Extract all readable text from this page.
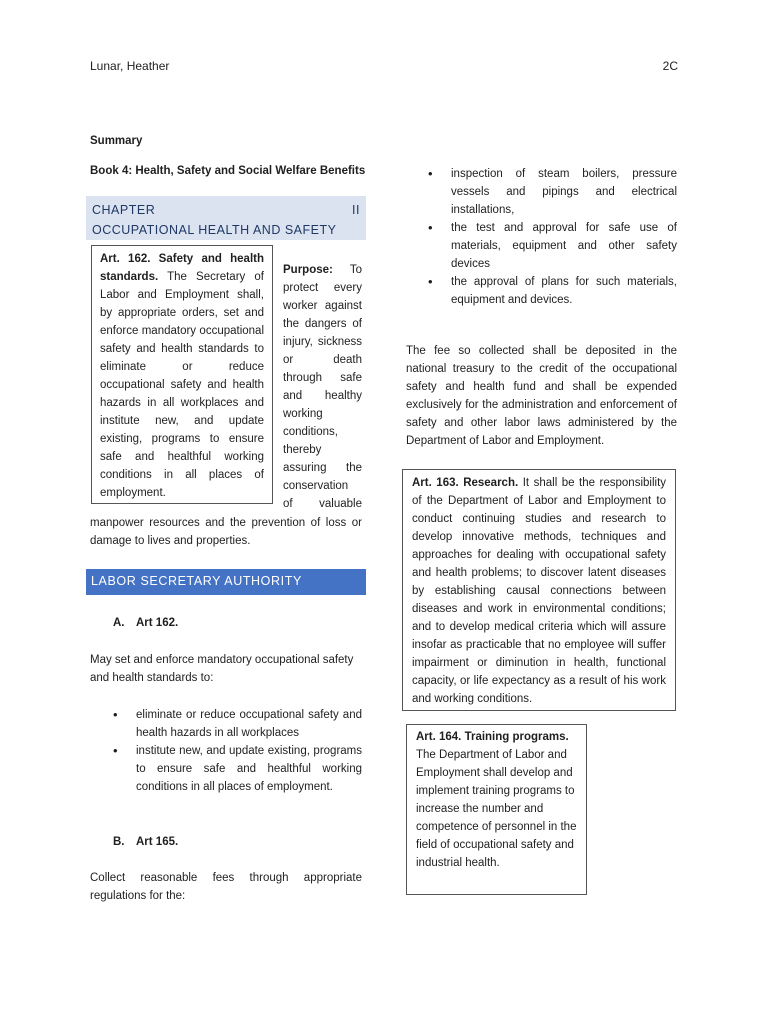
Lunar, Heather	2C
Summary
Book 4: Health, Safety and Social Welfare Benefits
CHAPTER	II
OCCUPATIONAL HEALTH AND SAFETY
Art. 162. Safety and health standards. The Secretary of Labor and Employment shall, by appropriate orders, set and enforce mandatory occupational safety and health standards to eliminate or reduce occupational safety and health hazards in all workplaces and institute new, and update existing, programs to ensure safe and healthful working conditions in all places of employment.
Purpose: To
protect every
worker against
the dangers of
injury, sickness
or death
through safe
and healthy
working
conditions,
thereby
assuring the
conservation
of valuable
manpower resources and the prevention of loss or damage to lives and properties.
LABOR SECRETARY AUTHORITY
A. Art 162.
May set and enforce mandatory occupational safety and health standards to:
• eliminate or reduce occupational safety and health hazards in all workplaces
• institute new, and update existing, programs to ensure safe and healthful working conditions in all places of employment.
B. Art 165.
Collect reasonable fees through appropriate regulations for the:
• inspection of steam boilers, pressure vessels and pipings and electrical installations,
• the test and approval for safe use of materials, equipment and other safety devices
• the approval of plans for such materials, equipment and devices.
The fee so collected shall be deposited in the national treasury to the credit of the occupational safety and health fund and shall be expended exclusively for the administration and enforcement of safety and other labor laws administered by the Department of Labor and Employment.
Art. 163. Research. It shall be the responsibility of the Department of Labor and Employment to conduct continuing studies and research to develop innovative methods, techniques and approaches for dealing with occupational safety and health problems; to discover latent diseases by establishing causal connections between diseases and work in environmental conditions; and to develop medical criteria which will assure insofar as practicable that no employee will suffer impairment or diminution in health, functional capacity, or life expectancy as a result of his work and working conditions.
Art. 164. Training programs. The Department of Labor and Employment shall develop and implement training programs to increase the number and competence of personnel in the field of occupational safety and industrial health.
